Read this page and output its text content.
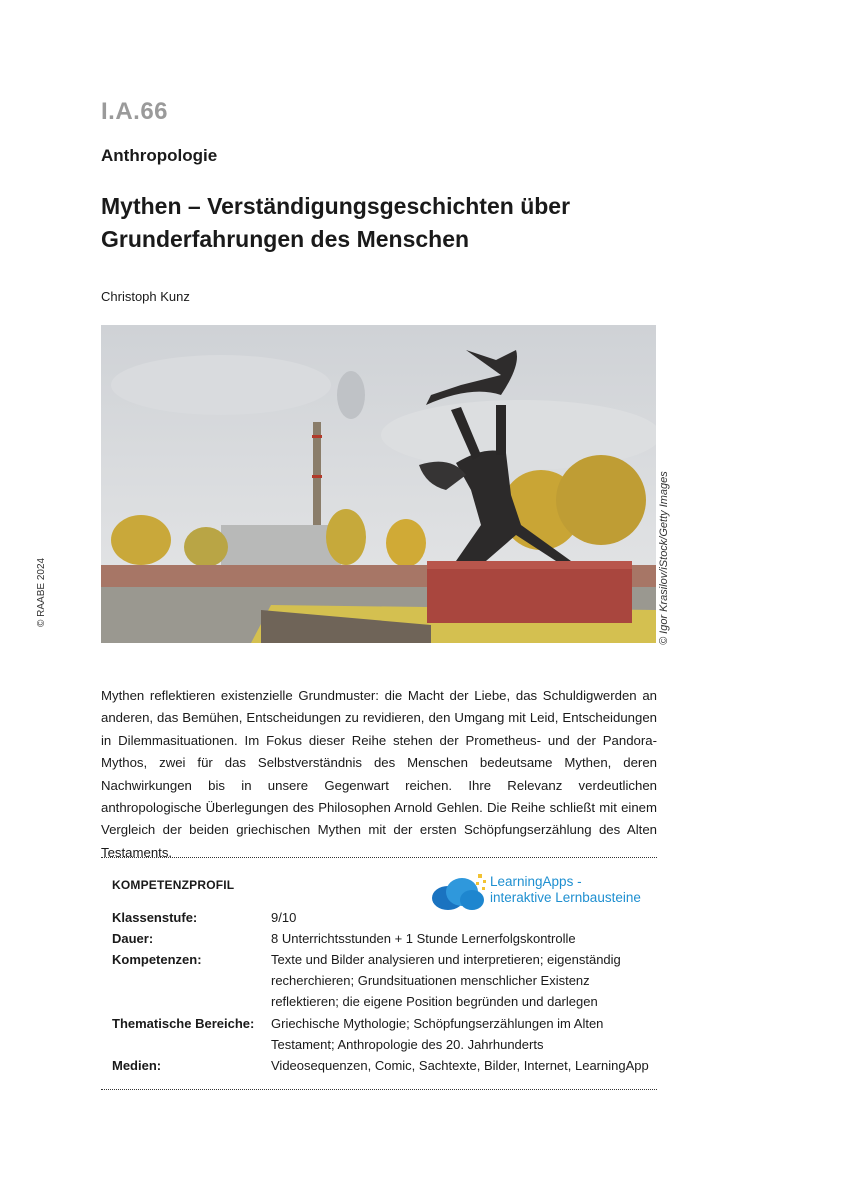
I.A.66
Anthropologie
Mythen – Verständigungsgeschichten über Grunderfahrungen des Menschen
Christoph Kunz
© Igor Krasilov/iStock/Getty Images
© RAABE 2024
Mythen reflektieren existenzielle Grundmuster: die Macht der Liebe, das Schuldigwerden an anderen, das Bemühen, Entscheidungen zu revidieren, den Umgang mit Leid, Entscheidungen in Dilemmasituationen. Im Fokus dieser Reihe stehen der Prometheus- und der Pandora-Mythos, zwei für das Selbstverständnis des Menschen bedeutsame Mythen, deren Nachwirkungen bis in unsere Gegenwart reichen. Ihre Relevanz verdeutlichen anthropologische Überlegungen des Philosophen Arnold Gehlen. Die Reihe schließt mit einem Vergleich der beiden griechischen Mythen mit der ersten Schöpfungserzählung des Alten Testaments.
KOMPETENZPROFIL	LearningApps -
interaktive Lernbausteine
Klassenstufe:	9/10
Dauer:	8 Unterrichtsstunden + 1 Stunde Lernerfolgskontrolle
Kompetenzen:	Texte und Bilder analysieren und interpretieren; eigenständig recherchieren; Grundsituationen menschlicher Existenz reflektieren; die eigene Position begründen und darlegen
Thematische Bereiche: Griechische Mythologie; Schöpfungserzählungen im Alten Testament; Anthropologie des 20. Jahrhunderts
Medien:	Videosequenzen, Comic, Sachtexte, Bilder, Internet, LearningApp
